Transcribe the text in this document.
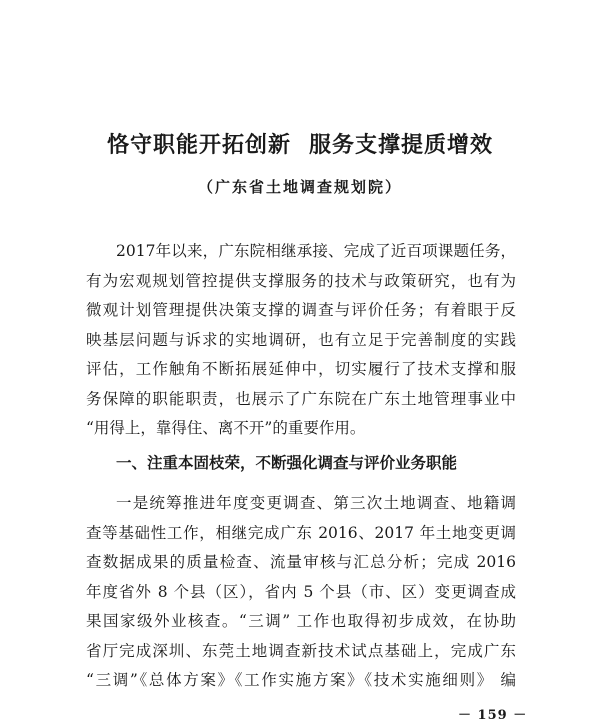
恪守职能开拓创新 服务支撑提质增效
（广东省土地调查规划院）
2017年以来，广东院相继承接、完成了近百项课题任务，
有为宏观规划管控提供支撑服务的技术与政策研究，也有为
微观计划管理提供决策支撑的调查与评价任务；有着眼于反
映基层问题与诉求的实地调研，也有立足于完善制度的实践
评估，工作触角不断拓展延伸中，切实履行了技术支撑和服
务保障的职能职责，也展示了广东院在广东土地管理事业中
“用得上，靠得住、离不开”的重要作用。
一、注重本固枝荣，不断强化调查与评价业务职能
一是统筹推进年度变更调查、第三次土地调查、地籍调
查等基础性工作，相继完成广东 2016、2017 年土地变更调
查数据成果的质量检查、流量审核与汇总分析；完成 2016
年度省外 8 个县（区），省内 5 个县（市、区）变更调查成
果国家级外业核查。“三调” 工作也取得初步成效，在协助
省厅完成深圳、东莞土地调查新技术试点基础上，完成广东
“三调”《总体方案》《工作实施方案》《技术实施细则》 编
－ 159 －
